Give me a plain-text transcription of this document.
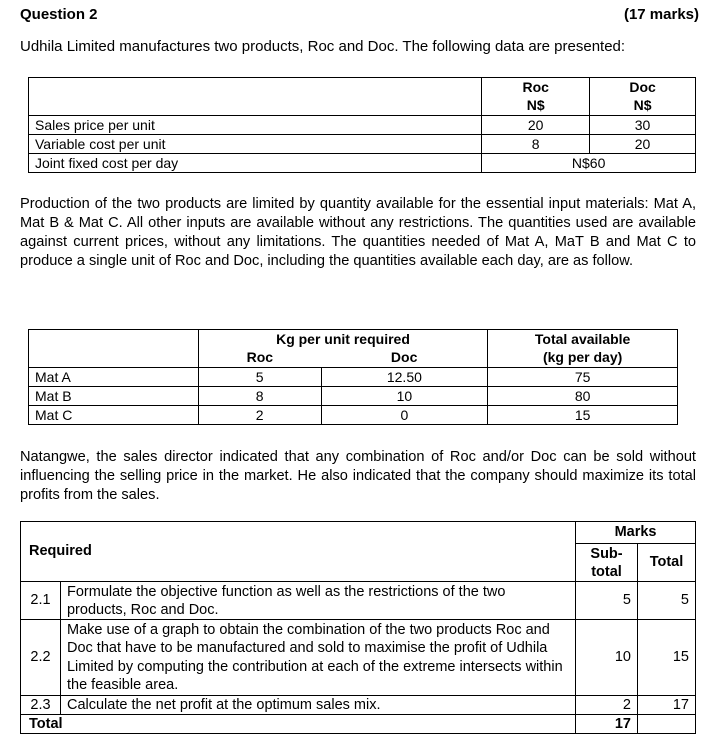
Question 2	(17 marks)
Udhila Limited manufactures two products, Roc and Doc. The following data are presented:
	Roc	Doc
	N$	N$
Sales price per unit	20	30
Variable cost per unit	8	20
Joint fixed cost per day	N$60	
Production of the two products are limited by quantity available for the essential input materials: Mat A, Mat B & Mat C. All other inputs are available without any restrictions. The quantities used are available against current prices, without any limitations. The quantities needed of Mat A, MaT B and Mat C to produce a single unit of Roc and Doc, including the quantities available each day, are as follow.
	Kg per unit required		Total available
	Roc	Doc	(kg per day)
Mat A	5	12.50	75
Mat B	8	10	80
Mat C	2	0	15
Natangwe, the sales director indicated that any combination of Roc and/or Doc can be sold without influencing the selling price in the market. He also indicated that the company should maximize its total profits from the sales.
Required		Marks	
		Sub-total	Total

2.1	Formulate the objective function as well as the restrictions of the two products, Roc and Doc.	5	5
2.2	Make use of a graph to obtain the combination of the two products Roc and Doc that have to be manufactured and sold to maximise the profit of Udhila Limited by computing the contribution at each of the extreme intersects within the feasible area.	10	15
2.3	Calculate the net profit at the optimum sales mix.	2	17
Total		17	
